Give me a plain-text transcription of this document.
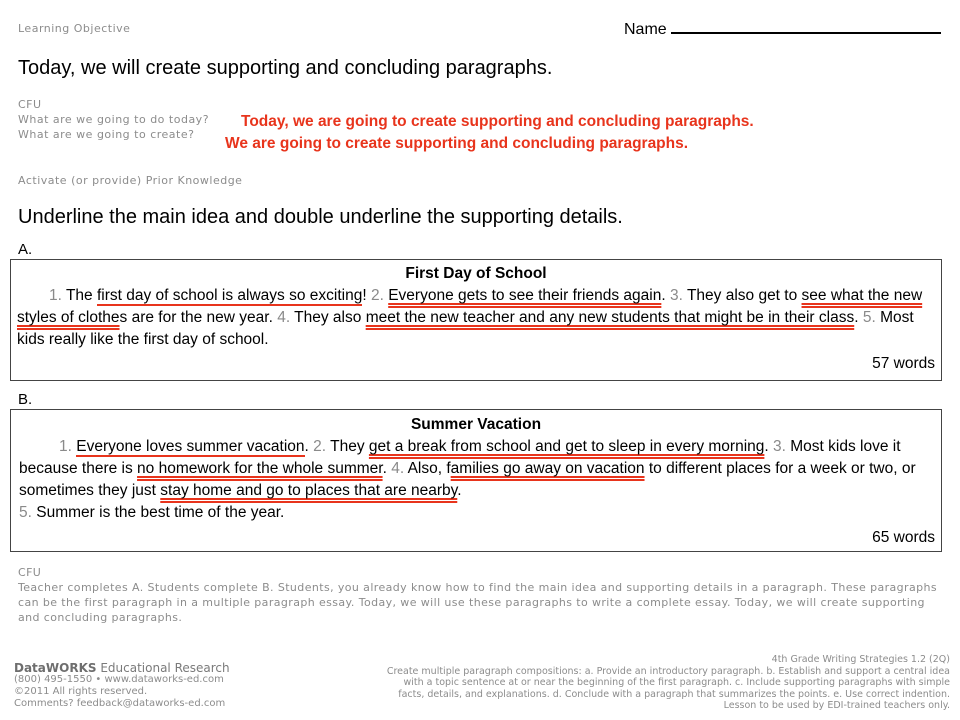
Learning Objective	Name
Today, we will create supporting and concluding paragraphs.
CFU
What are we going to do today?
What are we going to create?
Today, we are going to create supporting and concluding paragraphs.
We are going to create supporting and concluding paragraphs.
Activate (or provide) Prior Knowledge
Underline the main idea and double underline the supporting details.
A.
First Day of School
1. The first day of school is always so exciting! 2. Everyone gets to see their friends again. 3. They also get to see what the new styles of clothes are for the new year. 4. They also meet the new teacher and any new students that might be in their class. 5. Most kids really like the first day of school.
57 words
B.
Summer Vacation
1. Everyone loves summer vacation. 2. They get a break from school and get to sleep in every morning. 3. Most kids love it because there is no homework for the whole summer. 4. Also, families go away on vacation to different places for a week or two, or sometimes they just stay home and go to places that are nearby.
5. Summer is the best time of the year.
65 words
CFU
Teacher completes A. Students complete B. Students, you already know how to find the main idea and supporting details in a paragraph. These paragraphs can be the first paragraph in a multiple paragraph essay. Today, we will use these paragraphs to write a complete essay. Today, we will create supporting and concluding paragraphs.
DataWORKS Educational Research
(800) 495-1550 • www.dataworks-ed.com
©2011 All rights reserved.
Comments? feedback@dataworks-ed.com
4th Grade Writing Strategies 1.2 (2Q)
Create multiple paragraph compositions: a. Provide an introductory paragraph. b. Establish and support a central idea
with a topic sentence at or near the beginning of the first paragraph. c. Include supporting paragraphs with simple
facts, details, and explanations. d. Conclude with a paragraph that summarizes the points. e. Use correct indention.
Lesson to be used by EDI-trained teachers only.
